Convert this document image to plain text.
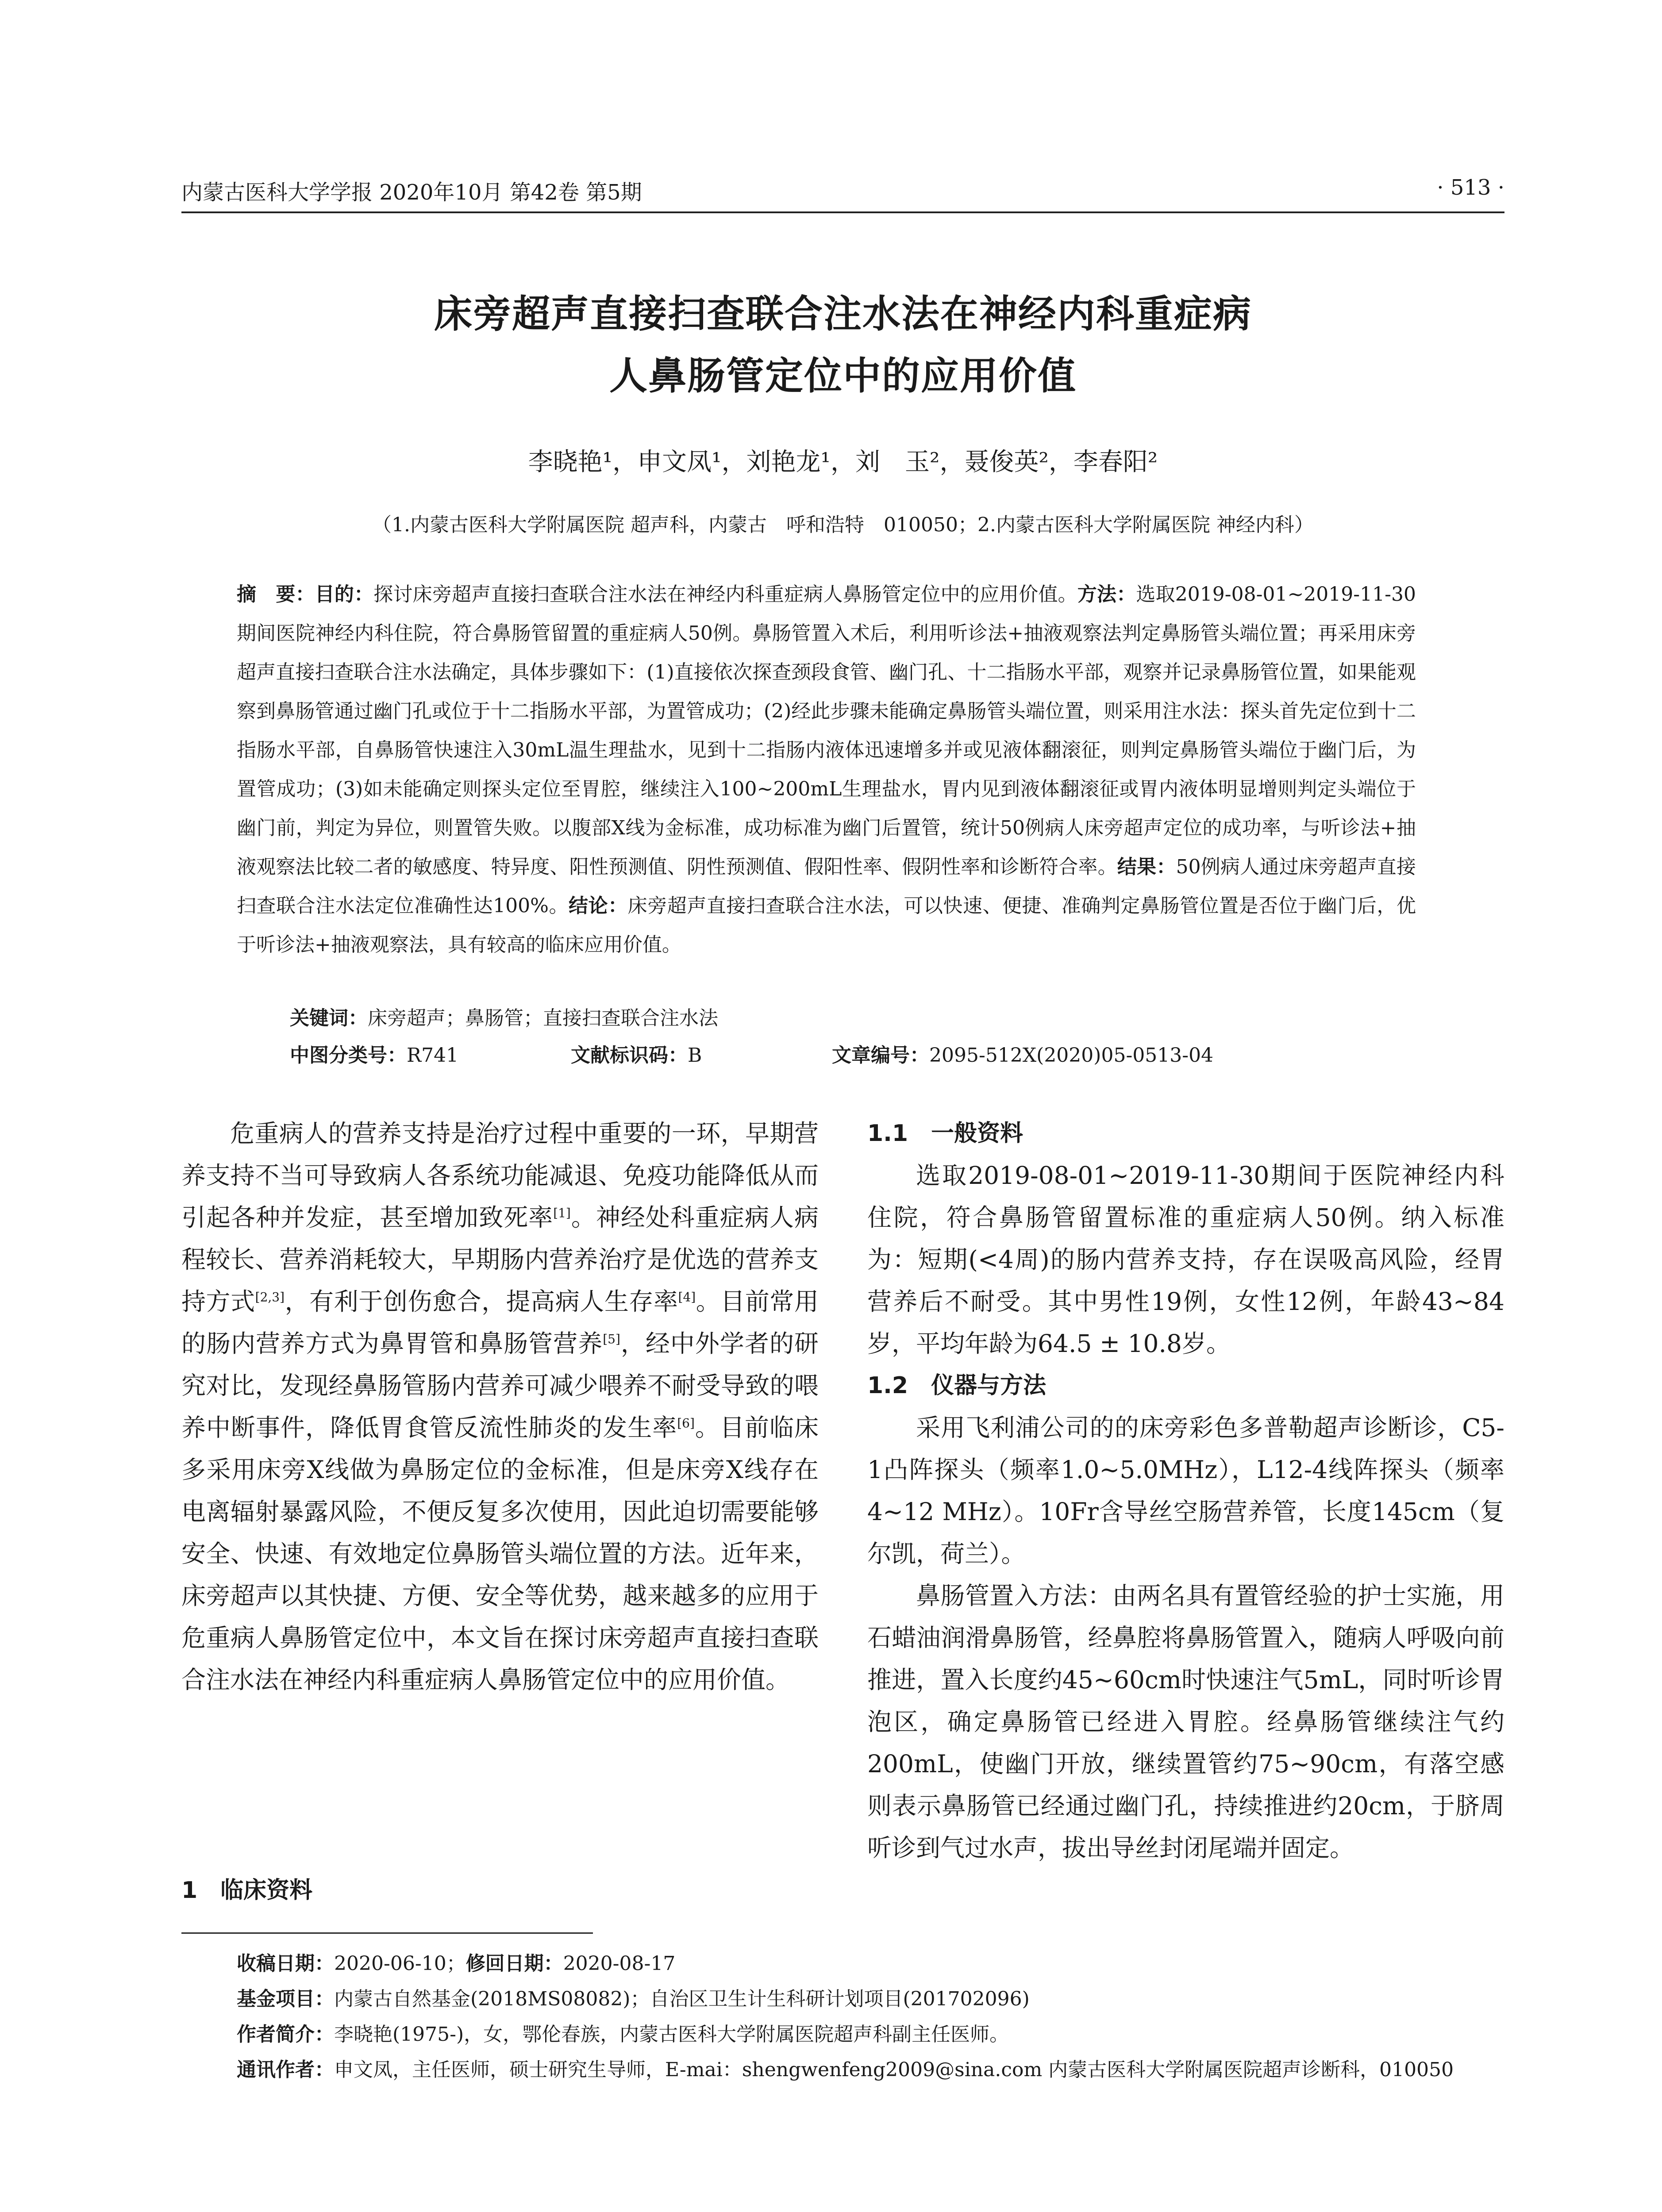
内蒙古医科大学学报 2020年10月 第42卷 第5期	· 513 ·
床旁超声直接扫查联合注水法在神经内科重症病
人鼻肠管定位中的应用价值
李晓艳¹，申文凤¹，刘艳龙¹，刘　玉²，聂俊英²，李春阳²
（1.内蒙古医科大学附属医院 超声科，内蒙古　呼和浩特　010050；2.内蒙古医科大学附属医院 神经内科）
摘　要：目的：探讨床旁超声直接扫查联合注水法在神经内科重症病人鼻肠管定位中的应用价值。方法：选取2019-08-01~2019-11-30期间医院神经内科住院，符合鼻肠管留置的重症病人50例。鼻肠管置入术后，利用听诊法+抽液观察法判定鼻肠管头端位置；再采用床旁超声直接扫查联合注水法确定，具体步骤如下：(1)直接依次探查颈段食管、幽门孔、十二指肠水平部，观察并记录鼻肠管位置，如果能观察到鼻肠管通过幽门孔或位于十二指肠水平部，为置管成功；(2)经此步骤未能确定鼻肠管头端位置，则采用注水法：探头首先定位到十二指肠水平部，自鼻肠管快速注入30mL温生理盐水，见到十二指肠内液体迅速增多并或见液体翻滚征，则判定鼻肠管头端位于幽门后，为置管成功；(3)如未能确定则探头定位至胃腔，继续注入100~200mL生理盐水，胃内见到液体翻滚征或胃内液体明显增则判定头端位于幽门前，判定为异位，则置管失败。以腹部X线为金标准，成功标准为幽门后置管，统计50例病人床旁超声定位的成功率，与听诊法+抽液观察法比较二者的敏感度、特异度、阳性预测值、阴性预测值、假阳性率、假阴性率和诊断符合率。结果：50例病人通过床旁超声直接扫查联合注水法定位准确性达100%。结论：床旁超声直接扫查联合注水法，可以快速、便捷、准确判定鼻肠管位置是否位于幽门后，优于听诊法+抽液观察法，具有较高的临床应用价值。
关键词：床旁超声；鼻肠管；直接扫查联合注水法
中图分类号：R741	文献标识码：B	文章编号：2095-512X(2020)05-0513-04

危重病人的营养支持是治疗过程中重要的一环，早期营养支持不当可导致病人各系统功能减退、免疫功能降低从而引起各种并发症，甚至增加致死率[1]。神经处科重症病人病程较长、营养消耗较大，早期肠内营养治疗是优选的营养支持方式[2,3]，有利于创伤愈合，提高病人生存率[4]。目前常用的肠内营养方式为鼻胃管和鼻肠管营养[5]，经中外学者的研究对比，发现经鼻肠管肠内营养可减少喂养不耐受导致的喂养中断事件，降低胃食管反流性肺炎的发生率[6]。目前临床多采用床旁X线做为鼻肠定位的金标准，但是床旁X线存在电离辐射暴露风险，不便反复多次使用，因此迫切需要能够安全、快速、有效地定位鼻肠管头端位置的方法。近年来，床旁超声以其快捷、方便、安全等优势，越来越多的应用于危重病人鼻肠管定位中，本文旨在探讨床旁超声直接扫查联合注水法在神经内科重症病人鼻肠管定位中的应用价值。

1　临床资料
1.1　一般资料

选取2019-08-01~2019-11-30期间于医院神经内科住院，符合鼻肠管留置标准的重症病人50例。纳入标准为：短期(<4周)的肠内营养支持，存在误吸高风险，经胃营养后不耐受。其中男性19例，女性12例，年龄43~84岁，平均年龄为64.5 ± 10.8岁。

1.2　仪器与方法

采用飞利浦公司的的床旁彩色多普勒超声诊断诊，C5-1凸阵探头（频率1.0~5.0MHz），L12-4线阵探头（频率4~12 MHz）。10Fr含导丝空肠营养管，长度145cm（复尔凯，荷兰）。

鼻肠管置入方法：由两名具有置管经验的护士实施，用石蜡油润滑鼻肠管，经鼻腔将鼻肠管置入，随病人呼吸向前推进，置入长度约45~60cm时快速注气5mL，同时听诊胃泡区，确定鼻肠管已经进入胃腔。经鼻肠管继续注气约200mL，使幽门开放，继续置管约75~90cm，有落空感则表示鼻肠管已经通过幽门孔，持续推进约20cm，于脐周听诊到气过水声，拔出导丝封闭尾端并固定。

收稿日期：2020-06-10；修回日期：2020-08-17
基金项目：内蒙古自然基金(2018MS08082)；自治区卫生计生科研计划项目(201702096)
作者简介：李晓艳(1975-)，女，鄂伦春族，内蒙古医科大学附属医院超声科副主任医师。
通讯作者：申文凤，主任医师，硕士研究生导师，E-mai：shengwenfeng2009@sina.com 内蒙古医科大学附属医院超声诊断科，010050
